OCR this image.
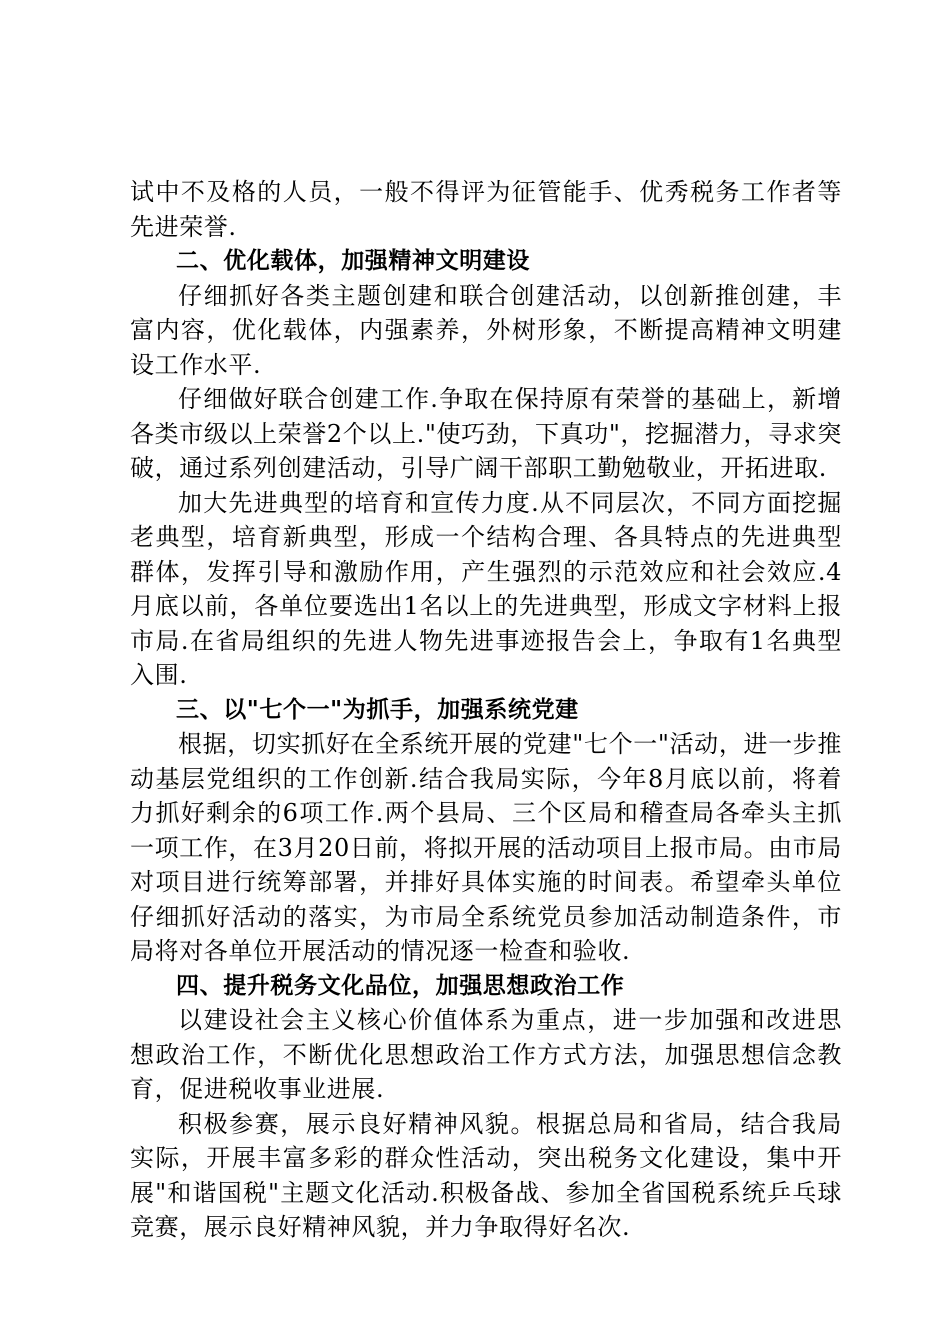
试中不及格的人员，一般不得评为征管能手、优秀税务工作者等先进荣誉.

二、优化载体，加强精神文明建设

仔细抓好各类主题创建和联合创建活动，以创新推创建，丰富内容，优化载体，内强素养，外树形象，不断提高精神文明建设工作水平.

仔细做好联合创建工作.争取在保持原有荣誉的基础上，新增各类市级以上荣誉2个以上."使巧劲，下真功"，挖掘潜力，寻求突破，通过系列创建活动，引导广阔干部职工勤勉敬业，开拓进取.

加大先进典型的培育和宣传力度.从不同层次，不同方面挖掘老典型，培育新典型，形成一个结构合理、各具特点的先进典型群体，发挥引导和激励作用，产生强烈的示范效应和社会效应.4月底以前，各单位要选出1名以上的先进典型，形成文字材料上报市局.在省局组织的先进人物先进事迹报告会上，争取有1名典型入围.

三、以"七个一"为抓手，加强系统党建

根据，切实抓好在全系统开展的党建"七个一"活动，进一步推动基层党组织的工作创新.结合我局实际，今年8月底以前，将着力抓好剩余的6项工作.两个县局、三个区局和稽查局各牵头主抓一项工作，在3月20日前，将拟开展的活动项目上报市局。由市局对项目进行统筹部署，并排好具体实施的时间表。希望牵头单位仔细抓好活动的落实，为市局全系统党员参加活动制造条件，市局将对各单位开展活动的情况逐一检查和验收.

四、提升税务文化品位，加强思想政治工作

以建设社会主义核心价值体系为重点，进一步加强和改进思想政治工作，不断优化思想政治工作方式方法，加强思想信念教育，促进税收事业进展.

积极参赛，展示良好精神风貌。根据总局和省局，结合我局实际，开展丰富多彩的群众性活动，突出税务文化建设，集中开展"和谐国税"主题文化活动.积极备战、参加全省国税系统乒乓球竞赛，展示良好精神风貌，并力争取得好名次.
